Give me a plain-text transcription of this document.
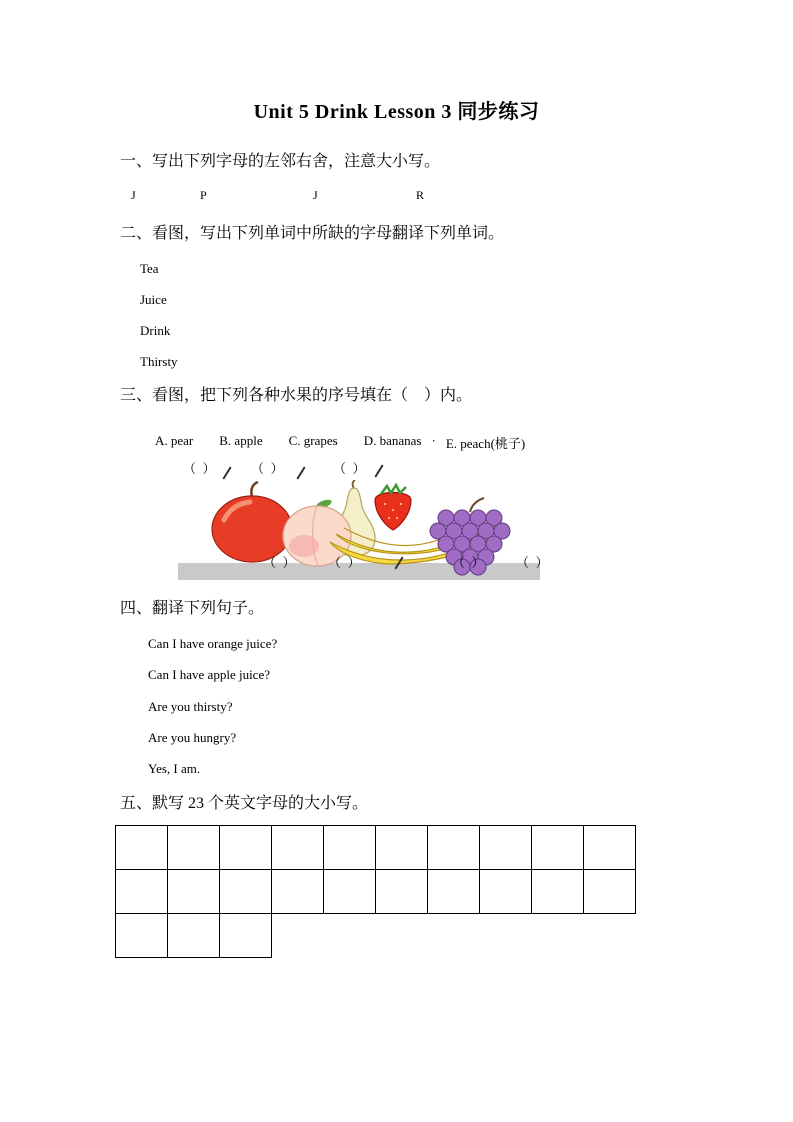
Unit 5 Drink Lesson 3 同步练习
一、写出下列字母的左邻右舍，注意大小写。
J	P	J	R
二、看图，写出下列单词中所缺的字母翻译下列单词。
Tea
Juice
Drink
Thirsty
三、看图，把下列各种水果的序号填在（　）内。
A. pear B. apple C. grapes D. bananas · E. peach(桃子)
（  ）	（  ）	（  ）
（  ） （  ）	（  ） （  ）
四、翻译下列句子。
Can I have orange juice?
Can I have apple juice?
Are you thirsty?
Are you hungry?
Yes, I am.
五、默写 23 个英文字母的大小写。
